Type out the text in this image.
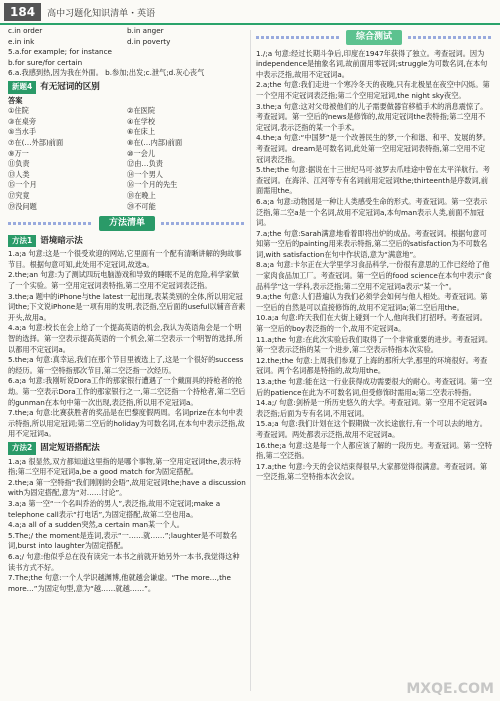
184	高中习题化知识清单・英语
c.in order	b.in anger
e.in ink	d.in poverty

5.a.for example; for instance

b.for sure/for certain

6.a.我感到热,因为我在外面。 b.参加;出发;c.泄气;d.灰心丧气

新题4 有无冠词的区别

答案

①住院	②在医院
③在桌旁	④在学校
⑤当水手	⑥在床上
⑦在(…外部)前面	⑧在(…内部)前面
⑨万一	⑩一会儿
⑪负责	⑫由…负责
⑬人类	⑭一个男人
⑮一个月	⑯一个月的先生
⑰究竟	⑱在晚上
⑲没问题	⑳不可能
方法清单
方法1 语境暗示法

1.a;a 句意:这是一个很受欢迎的网站,它里面有一个配有清晰讲解的狗故事节目。根据句意可知,此处用不定冠词,故选a。

2.the;an 句意:为了测试四玩电脑游戏和导致的睡眠不足的危险,科学家做了一个实验。第一空用定冠词表特指,第二空用不定冠词表泛指。

3.the;a 题中的iPhone与the latest一起出现,表某类别的全体,所以用定冠词the;下文说iPhone是一项有用的发明,表泛指,空后面的useful以辅音音素开头,故用a。

4.a;a 句意:校长在会上给了一个提高英语的机会,我认为英语角会是一个明智的选择。第一空表示提高英语的一个机会,第二空表示一个明智的选择,所以都用不定冠词a。

5.the;a 句意:真幸运,我们在那个节目里被选上了,这是一个很好的success的经历。第一空特指那次节目,第二空泛指一次经历。

6.a;a 句意:我刚听说Dora工作的那家银行遭遇了一个戴面具的持枪者的抢劫。第一空表示Dora工作的那家银行之一,第二空泛指一个持枪者,第二空后的gunman在本句中第一次出现,表泛指,所以用不定冠词a。

7.the;a 句意:比赛获胜者的奖品是在巴黎度假两周。名词prize在本句中表示特指,所以用定冠词;第二空后的holiday为可数名词,在本句中表示泛指,故用不定冠词a。

方法2 固定短语搭配法

1.a;a 很显然,双方都知道这里指的是哪个事物,第一空用定冠词the,表示特指;第二空用不定冠词a,be a good match for为固定搭配。

2.the;a 第一空特指“我们刚刚的会晤”,故用定冠词the;have a discussion with为固定搭配,意为“对……讨论”。

3.a;a 第一空“一个名叫乔治的男人”,表泛指,故用不定冠词;make a telephone call表示“打电话”,为固定搭配,故第二空也用a。

4.a;a all of a sudden突然,a certain man某一个人。

5.The;/ the moment是连词,表示“一……就……”;laughter是不可数名词,burst into laughter为固定搭配。

6.a;/ 句意:他似乎总在没有读完一本书之前就开始另外一本书,我觉得这种读书方式不好。

7.The;the 句意:一个人学识越渊博,他就越会谦虚。“The more…,the more…”为固定句型,意为“越……就越……”。

综合测试

1./;a 句意:经过长期斗争后,印度在1947年获得了独立。考查冠词。因为independence是抽象名词,故前面用零冠词;struggle为可数名词,在本句中表示泛指,故用不定冠词a。

2.a;the 句意:我们走进一个寒冷冬天的夜晚,只有北极星在夜空中闪烁。第一个空用不定冠词表泛指;第二个空用定冠词,the night sky夜空。

3.the;a 句意:这对父母被他们的儿子需要做器官移植手术的消息震惊了。考查冠词。第一空后的news是修饰的,故用定冠词the表特指;第二空用不定冠词,表示泛指的某一个手术。

4.the;a 句意:“中国梦”是一个改善民生的梦,一个和谐、和平、发展的梦。考查冠词。dream是可数名词,此处第一空用定冠词表特指,第二空用不定冠词表泛指。

5.the;the 句意:据说在十三世纪马可·波罗去爪哇途中曾在太平洋航行。考查冠词。在海洋、江河等专有名词前用定冠词the;thirteenth是序数词,前面需用the。

6.a;a 句意:动物园是一种让人类感受生命的形式。考查冠词。第一空表示泛指,第二空a是一个名词,故用不定冠词a,本句man表示人类,前面不加冠词。

7.a;the 句意:Sarah满意地看着即将出炉的成品。考查冠词。根据句意可知第一空后的painting用来表示特指,第二空后的satisfaction为不可数名词,with satisfaction在句中作状语,意为“满意地”。

8.a;a 句意:卡尔正在大学里学习食品科学,一份很有意思的工作已经给了他一家肉食品加工厂。考查冠词。第一空后的food science在本句中表示“食品科学”这一学科,表示泛指;第二空用不定冠词a表示“某一个”。

9.a;the 句意:人们普遍认为我们必须学会如何与他人相处。考查冠词。第一空后的自然是可以直接修饰的,故用不定冠词a;第二空后用the。

10.a;a 句意:昨天我们在大街上碰到一个人,他向我们打招呼。考查冠词。第一空后的boy表泛指的一个,故用不定冠词a。

11.a;the 句意:在此次实验后我们取得了一个非常重要的进步。考查冠词。第一空表示泛指的某一个进步,第二空表示特指本次实验。

12.the;the 句意:上周我们参观了上海的那所大学,那里的环境很好。考查冠词。两个名词都是特指的,故均用the。

13.a;the 句意:能在这一行业获得成功需要很大的耐心。考查冠词。第一空后的patience在此为不可数名词,但受修饰时需用a;第二空表示特指。

14.a;/ 句意:剑桥是一所历史悠久的大学。考查冠词。第一空用不定冠词a表泛指;后面为专有名词,不用冠词。

15.a;a 句意:我们计划在这个假期做一次长途旅行,有一个可以去的地方。考查冠词。两处都表示泛指,故用不定冠词a。

16.the;a 句意:这是每一个人都应该了解的一段历史。考查冠词。第一空特指,第二空泛指。

17.a;the 句意:今天的会议结束得很早,大家都觉得很满意。考查冠词。第一空泛指,第二空特指本次会议。

MXQE.COM
